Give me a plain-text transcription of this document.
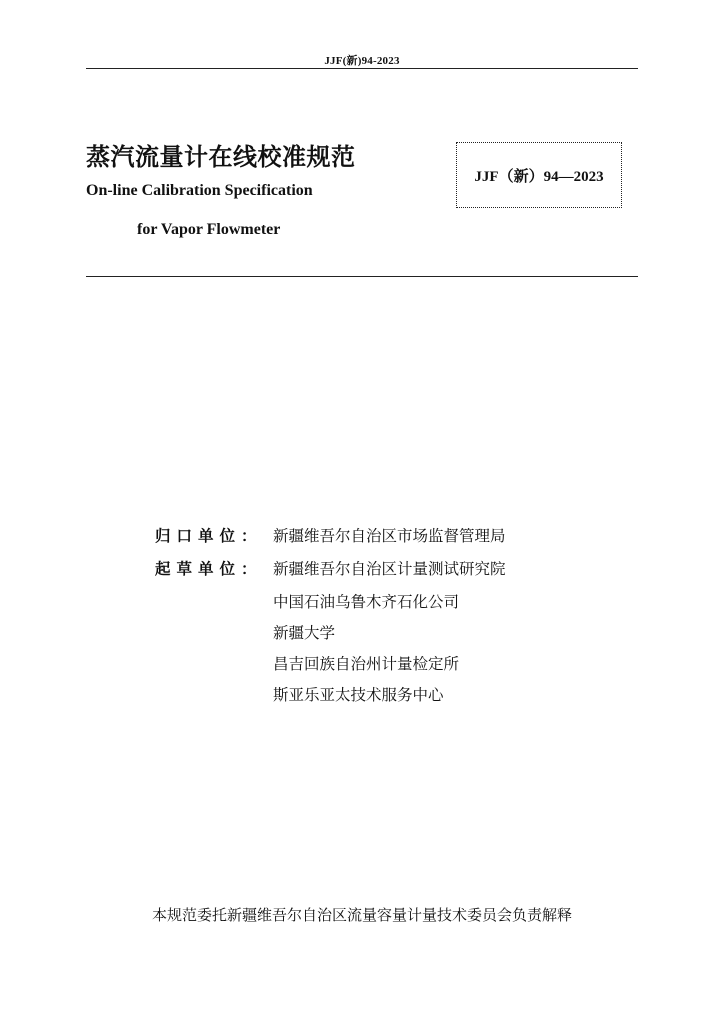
JJF(新)94-2023
蒸汽流量计在线校准规范
On-line Calibration Specification
for Vapor Flowmeter
JJF（新）94—2023
归口单位： 新疆维吾尔自治区市场监督管理局
起草单位： 新疆维吾尔自治区计量测试研究院
中国石油乌鲁木齐石化公司
新疆大学
昌吉回族自治州计量检定所
斯亚乐亚太技术服务中心
本规范委托新疆维吾尔自治区流量容量计量技术委员会负责解释
